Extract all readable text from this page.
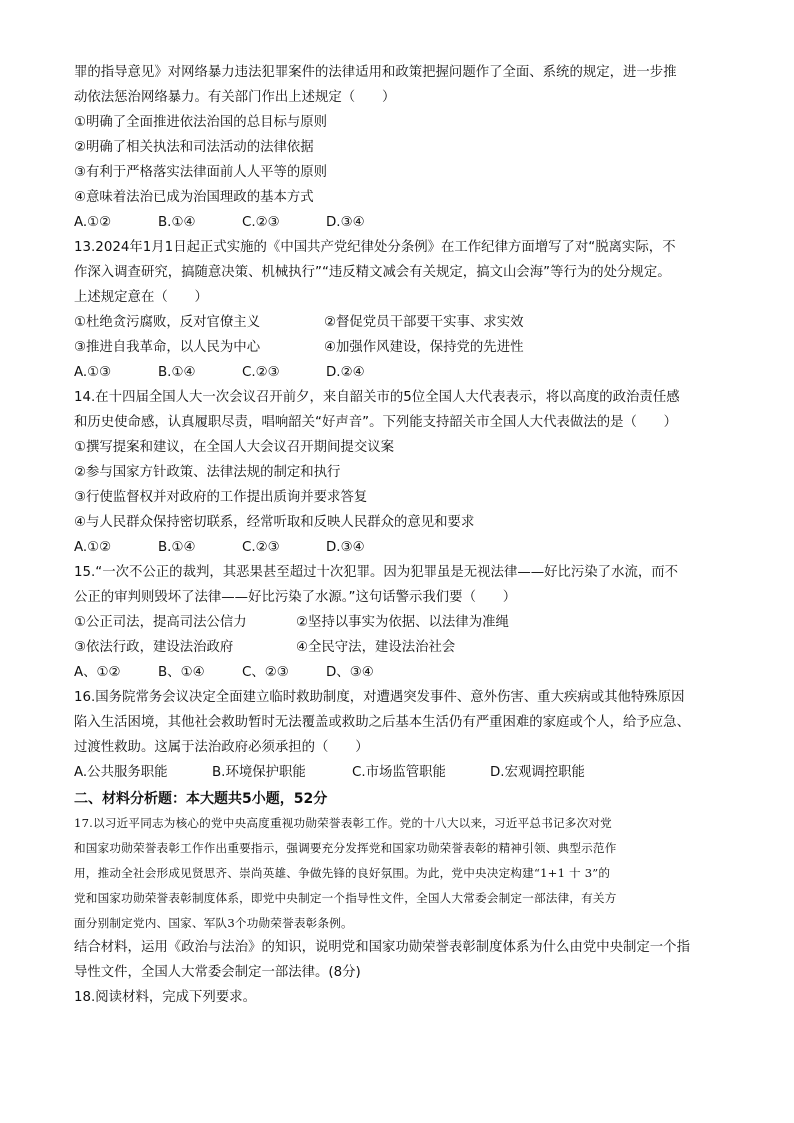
罪的指导意见》对网络暴力违法犯罪案件的法律适用和政策把握问题作了全面、系统的规定，进一步推
动依法惩治网络暴力。有关部门作出上述规定（　　）
①明确了全面推进依法治国的总目标与原则
②明确了相关执法和司法活动的法律依据
③有利于严格落实法律面前人人平等的原则
④意味着法治已成为治国理政的基本方式
A.①②	B.①④	C.②③	D.③④
13.2024年1月1日起正式实施的《中国共产党纪律处分条例》在工作纪律方面增写了对“脱离实际，不
作深入调查研究，搞随意决策、机械执行”“违反精文减会有关规定，搞文山会海”等行为的处分规定。
上述规定意在（　　）
①杜绝贪污腐败，反对官僚主义	②督促党员干部要干实事、求实效
③推进自我革命，以人民为中心	④加强作风建设，保持党的先进性
A.①③	B.①④	C.②③	D.②④
14.在十四届全国人大一次会议召开前夕，来自韶关市的5位全国人大代表表示，将以高度的政治责任感
和历史使命感，认真履职尽责，唱响韶关“好声音”。下列能支持韶关市全国人大代表做法的是（　　）
①撰写提案和建议，在全国人大会议召开期间提交议案
②参与国家方针政策、法律法规的制定和执行
③行使监督权并对政府的工作提出质询并要求答复
④与人民群众保持密切联系，经常听取和反映人民群众的意见和要求
A.①②	B.①④	C.②③	D.③④
15.“一次不公正的裁判，其恶果甚至超过十次犯罪。因为犯罪虽是无视法律——好比污染了水流，而不
公正的审判则毁坏了法律——好比污染了水源。”这句话警示我们要（　　）
①公正司法，提高司法公信力	②坚持以事实为依据、以法律为准绳
③依法行政，建设法治政府	④全民守法，建设法治社会
A、①②	B、①④	C、②③	D、③④
16.国务院常务会议决定全面建立临时救助制度，对遭遇突发事件、意外伤害、重大疾病或其他特殊原因
陷入生活困境，其他社会救助暂时无法覆盖或救助之后基本生活仍有严重困难的家庭或个人，给予应急、
过渡性救助。这属于法治政府必须承担的（　　）
A.公共服务职能	B.环境保护职能	C.市场监管职能	D.宏观调控职能
二、材料分析题：本大题共5小题，52分
17.以习近平同志为核心的党中央高度重视功勋荣誉表彰工作。党的十八大以来，习近平总书记多次对党
和国家功勋荣誉表彰工作作出重要指示，强调要充分发挥党和国家功勋荣誉表彰的精神引领、典型示范作
用，推动全社会形成见贤思齐、崇尚英雄、争做先锋的良好氛围。为此，党中央决定构建“1+1 十 3”的
党和国家功勋荣誉表彰制度体系，即党中央制定一个指导性文件，全国人大常委会制定一部法律，有关方
面分别制定党内、国家、军队3个功勋荣誉表彰条例。
结合材料，运用《政治与法治》的知识，说明党和国家功勋荣誉表彰制度体系为什么由党中央制定一个指
导性文件，全国人大常委会制定一部法律。(8分)
18.阅读材料，完成下列要求。
